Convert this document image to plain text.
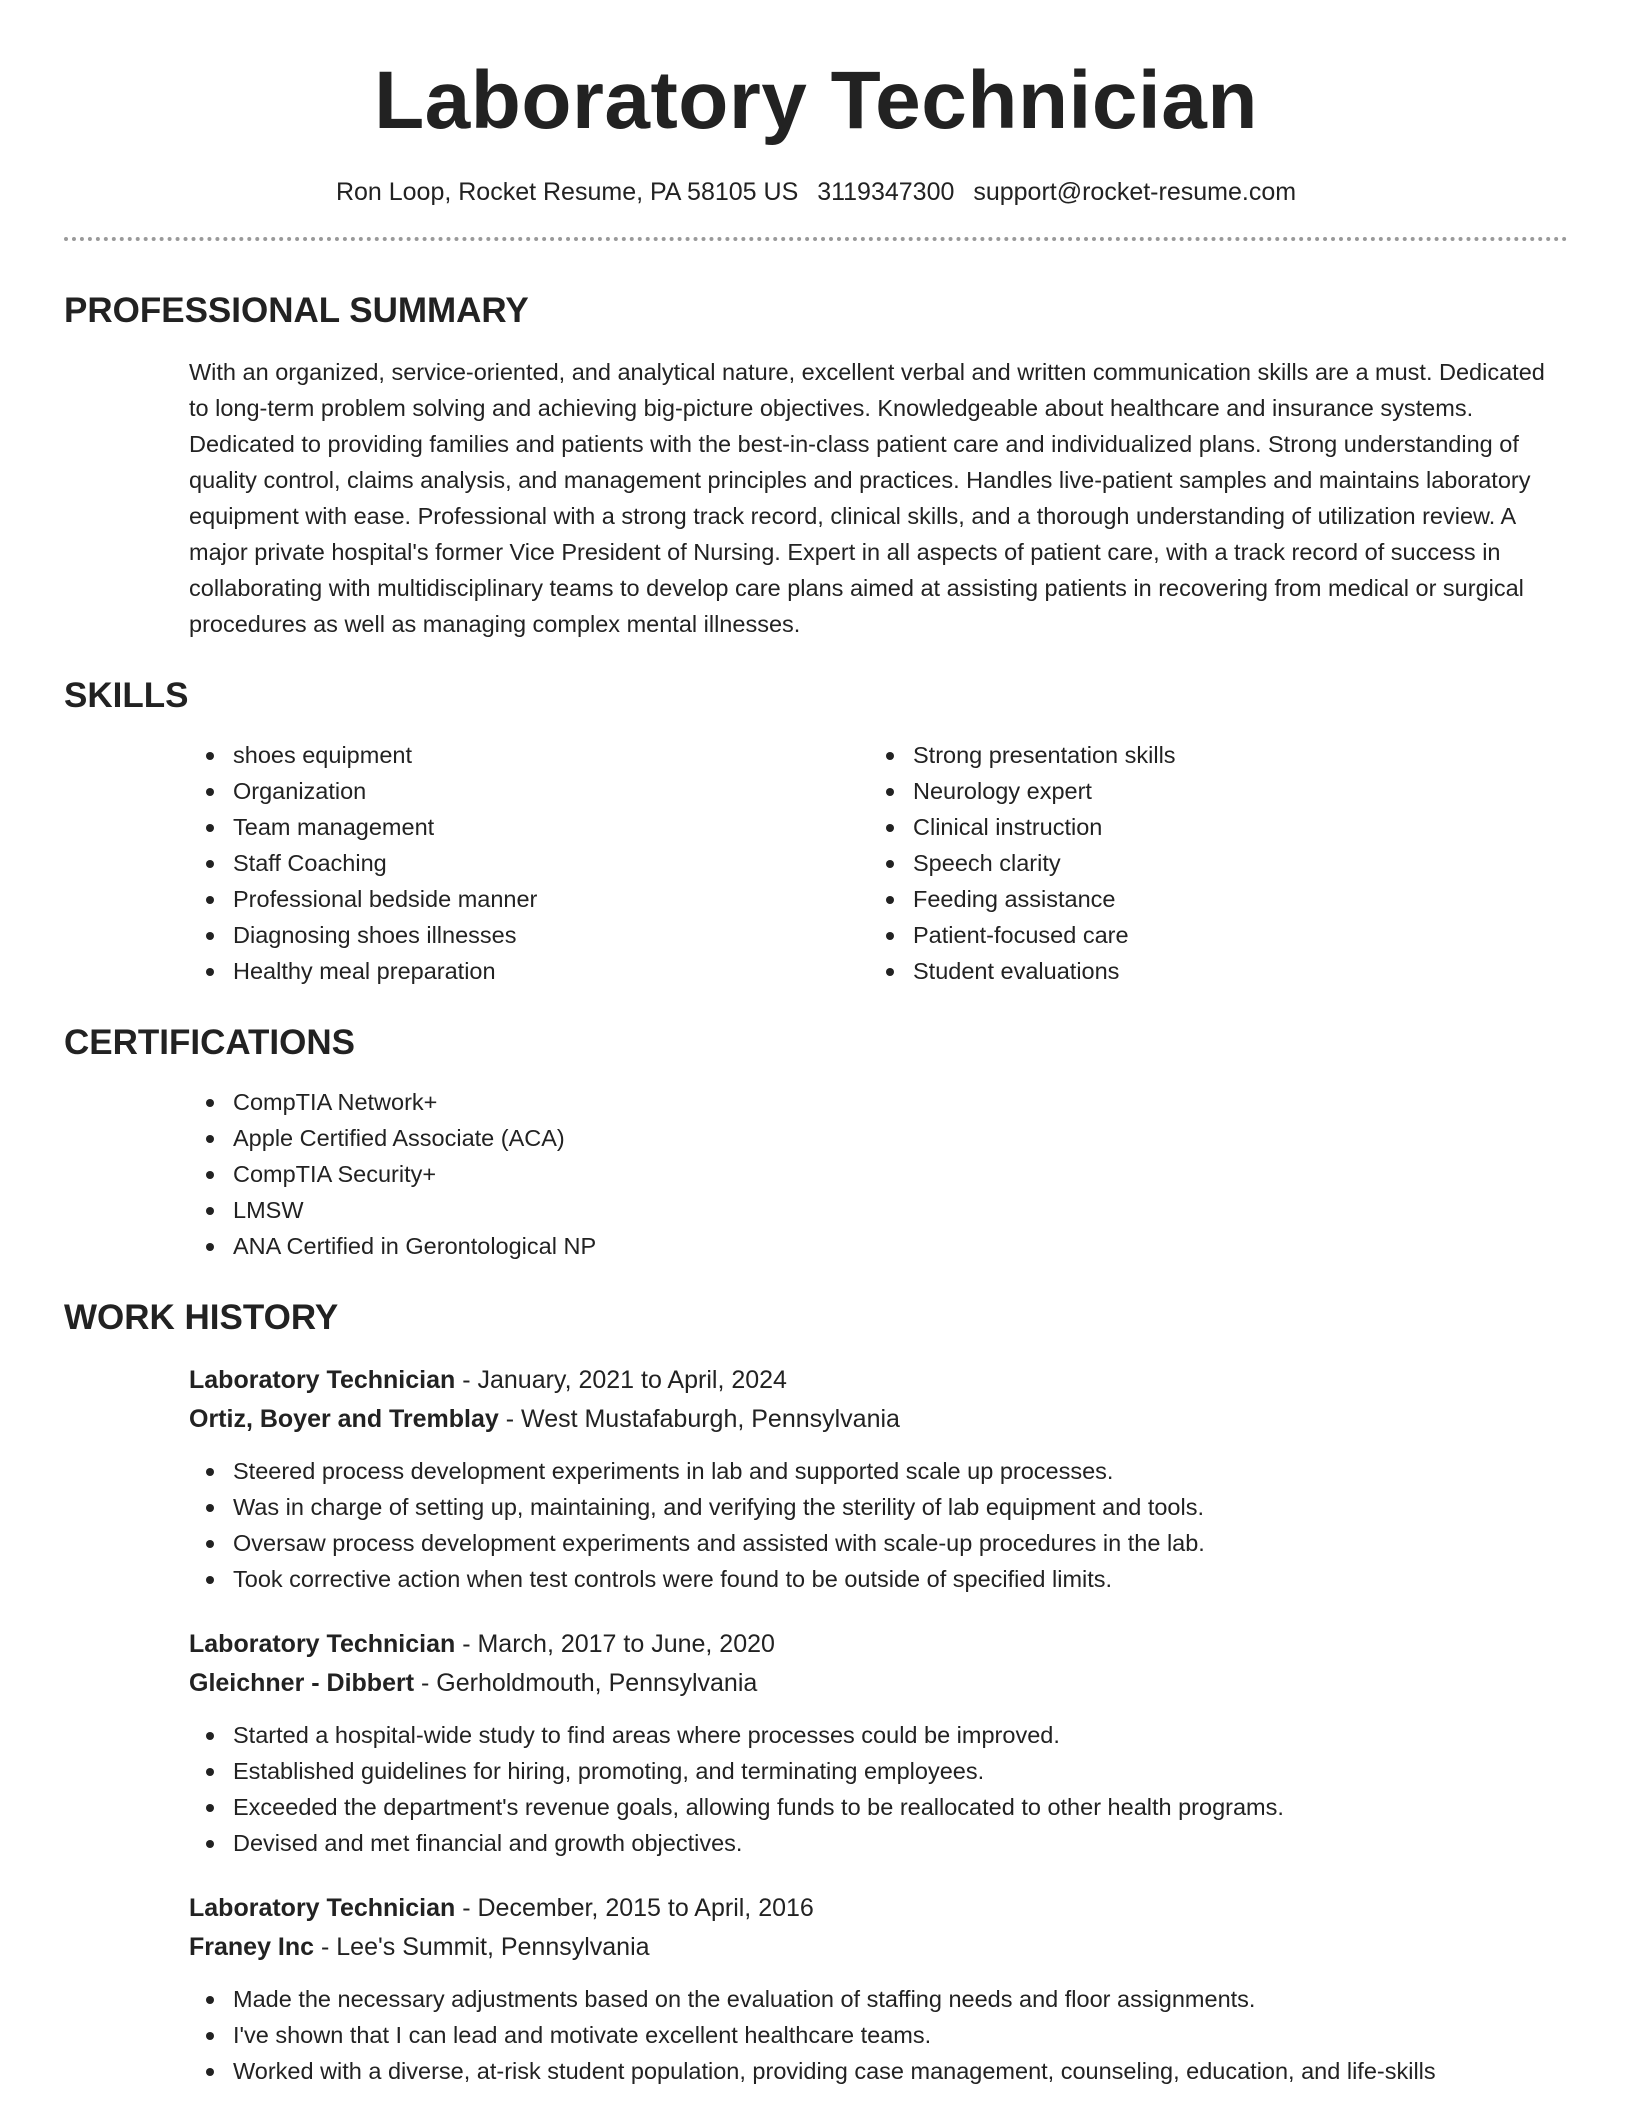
Laboratory Technician
Ron Loop, Rocket Resume, PA 58105 US 3119347300 support@rocket-resume.com
PROFESSIONAL SUMMARY

With an organized, service-oriented, and analytical nature, excellent verbal and written communication skills are a must. Dedicated to long-term problem solving and achieving big-picture objectives. Knowledgeable about healthcare and insurance systems. Dedicated to providing families and patients with the best-in-class patient care and individualized plans. Strong understanding of quality control, claims analysis, and management principles and practices. Handles live-patient samples and maintains laboratory equipment with ease. Professional with a strong track record, clinical skills, and a thorough understanding of utilization review. A major private hospital's former Vice President of Nursing. Expert in all aspects of patient care, with a track record of success in collaborating with multidisciplinary teams to develop care plans aimed at assisting patients in recovering from medical or surgical procedures as well as managing complex mental illnesses.

SKILLS
shoes equipment
Organization
Team management
Staff Coaching
Professional bedside manner
Diagnosing shoes illnesses
Healthy meal preparation
Strong presentation skills
Neurology expert
Clinical instruction
Speech clarity
Feeding assistance
Patient-focused care
Student evaluations
CERTIFICATIONS
CompTIA Network+
Apple Certified Associate (ACA)
CompTIA Security+
LMSW
ANA Certified in Gerontological NP
WORK HISTORY
Laboratory Technician - January, 2021 to April, 2024
Ortiz, Boyer and Tremblay - West Mustafaburgh, Pennsylvania
Steered process development experiments in lab and supported scale up processes.
Was in charge of setting up, maintaining, and verifying the sterility of lab equipment and tools.
Oversaw process development experiments and assisted with scale-up procedures in the lab.
Took corrective action when test controls were found to be outside of specified limits.
Laboratory Technician - March, 2017 to June, 2020
Gleichner - Dibbert - Gerholdmouth, Pennsylvania
Started a hospital-wide study to find areas where processes could be improved.
Established guidelines for hiring, promoting, and terminating employees.
Exceeded the department's revenue goals, allowing funds to be reallocated to other health programs.
Devised and met financial and growth objectives.
Laboratory Technician - December, 2015 to April, 2016
Franey Inc - Lee's Summit, Pennsylvania
Made the necessary adjustments based on the evaluation of staffing needs and floor assignments.
I've shown that I can lead and motivate excellent healthcare teams.
Worked with a diverse, at-risk student population, providing case management, counseling, education, and life-skills
